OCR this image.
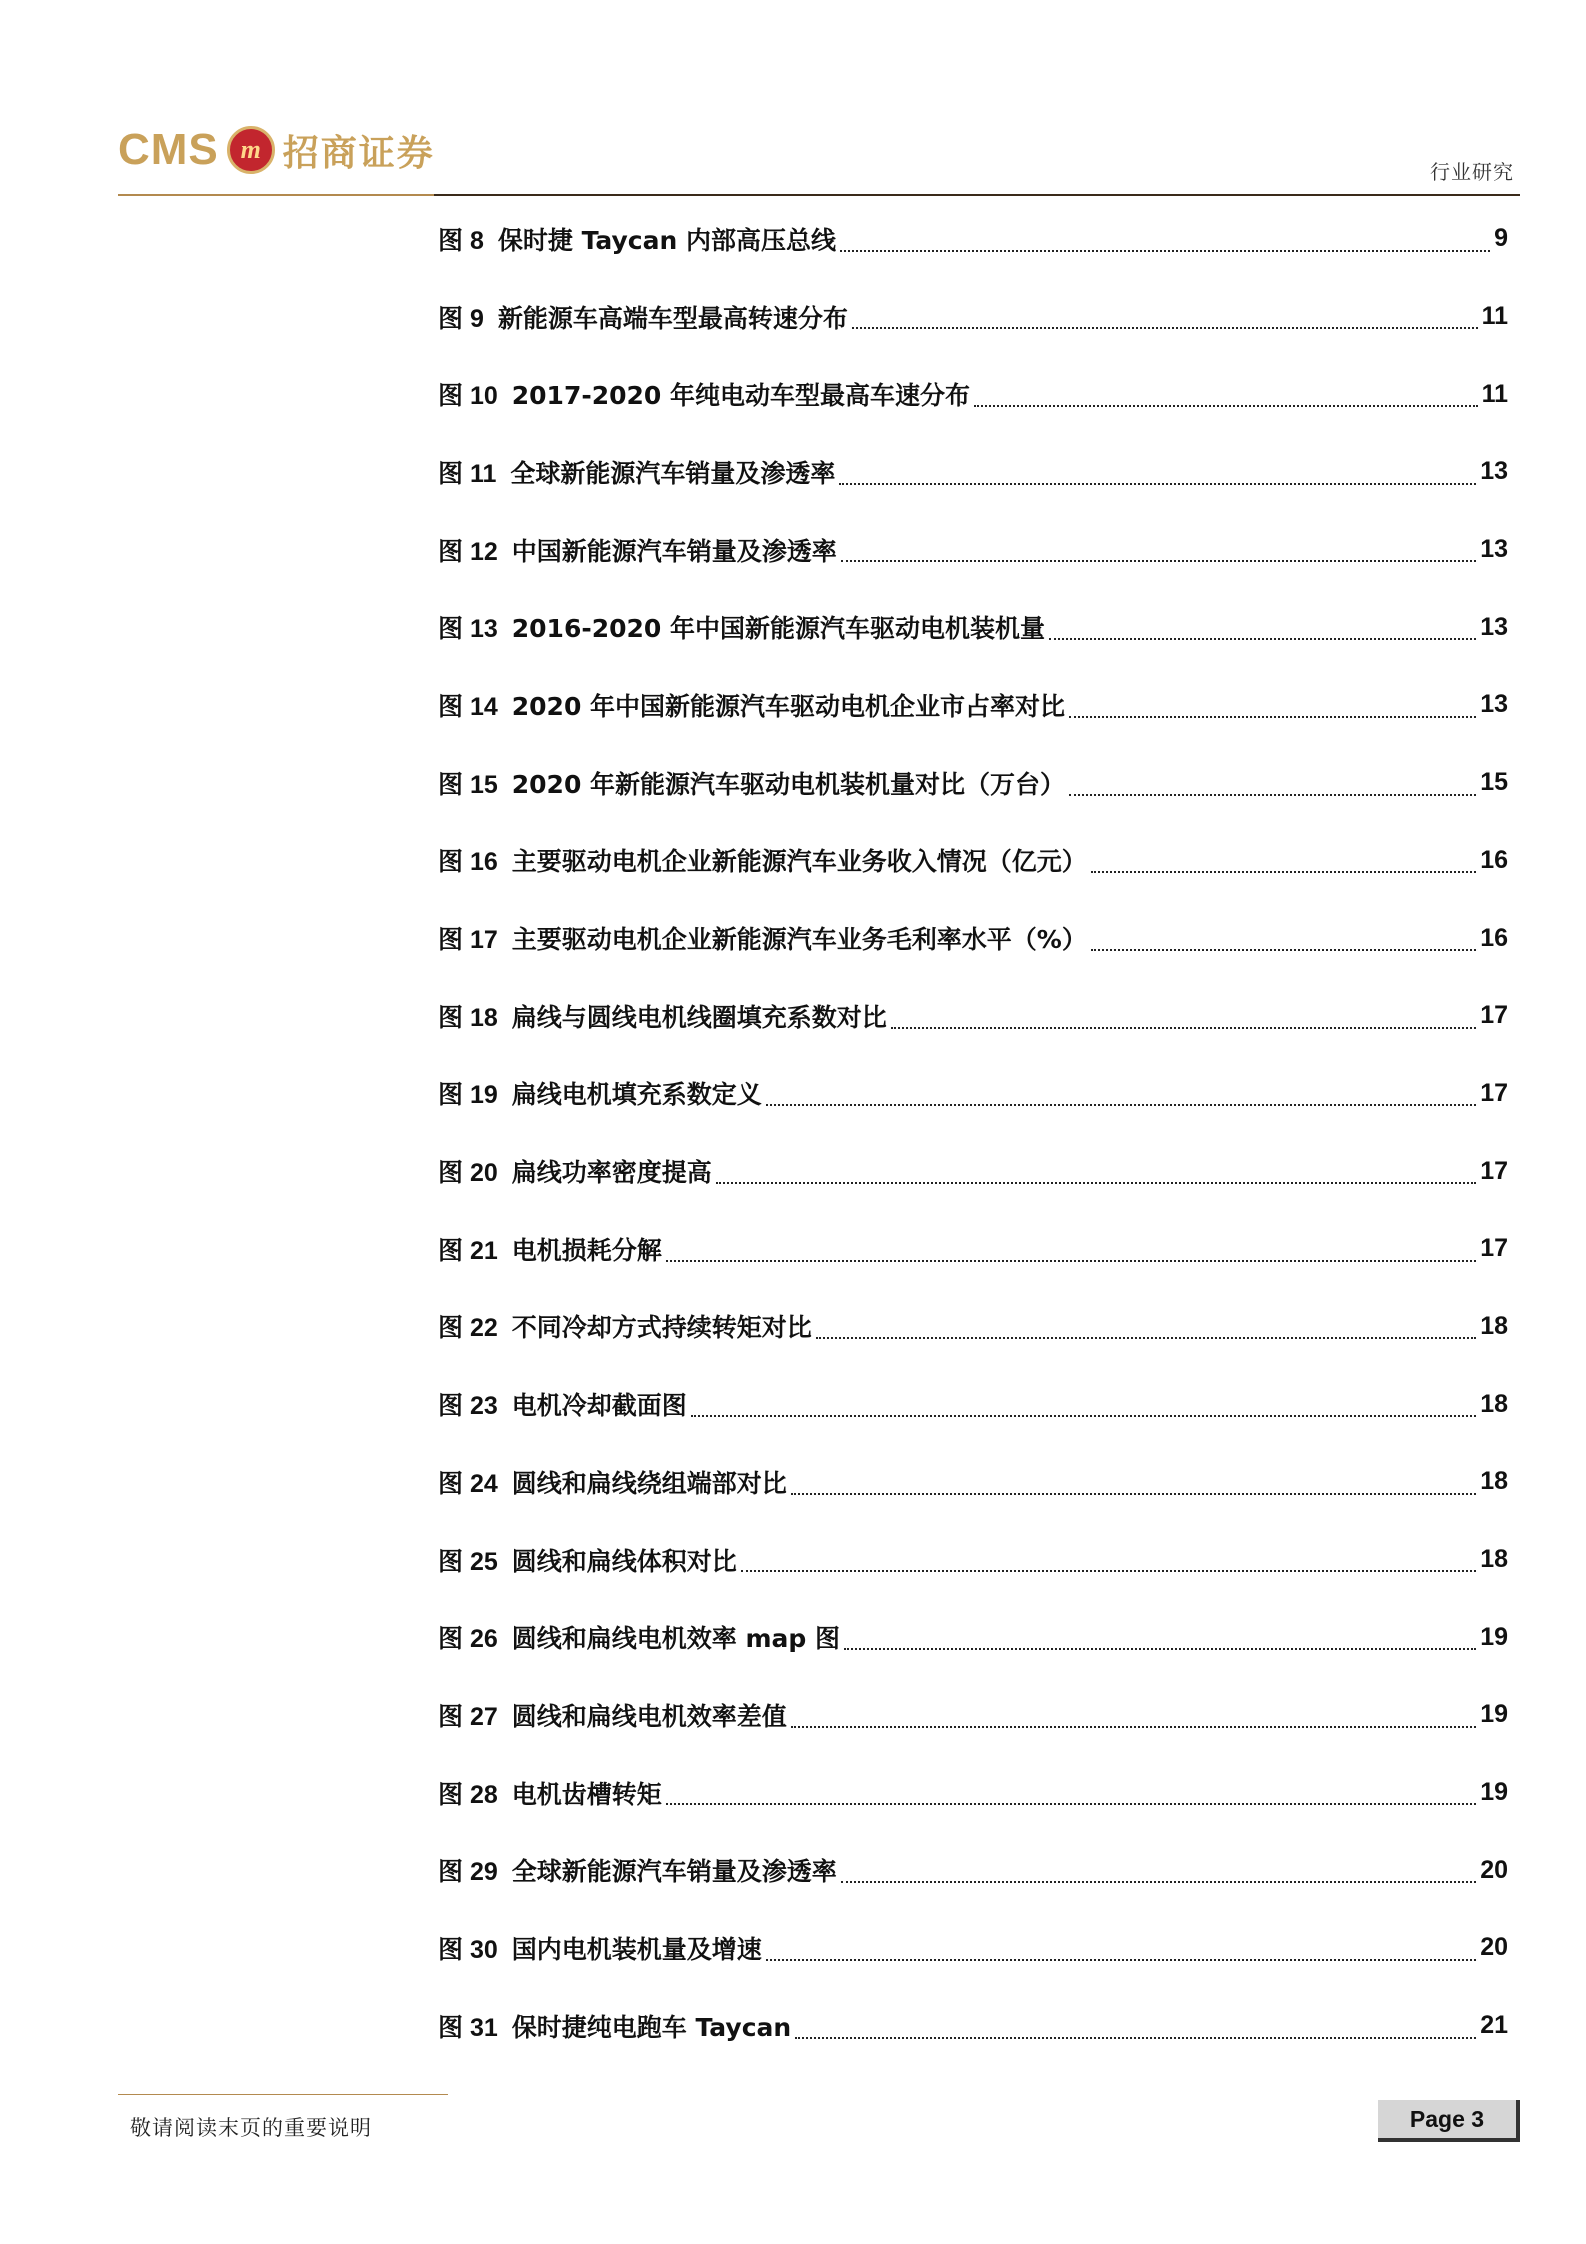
CMS m 招商证券	行业研究
图 8 保时捷 Taycan 内部高压总线	9
图 9 新能源车高端车型最高转速分布	11
图 10 2017-2020 年纯电动车型最高车速分布	11
图 11 全球新能源汽车销量及渗透率	13
图 12 中国新能源汽车销量及渗透率	13
图 13 2016-2020 年中国新能源汽车驱动电机装机量	13
图 14 2020 年中国新能源汽车驱动电机企业市占率对比	13
图 15 2020 年新能源汽车驱动电机装机量对比（万台）	15
图 16 主要驱动电机企业新能源汽车业务收入情况（亿元）	16
图 17 主要驱动电机企业新能源汽车业务毛利率水平（%）	16
图 18 扁线与圆线电机线圈填充系数对比	17
图 19 扁线电机填充系数定义	17
图 20 扁线功率密度提高	17
图 21 电机损耗分解	17
图 22 不同冷却方式持续转矩对比	18
图 23 电机冷却截面图	18
图 24 圆线和扁线绕组端部对比	18
图 25 圆线和扁线体积对比	18
图 26 圆线和扁线电机效率 map 图	19
图 27 圆线和扁线电机效率差值	19
图 28 电机齿槽转矩	19
图 29 全球新能源汽车销量及渗透率	20
图 30 国内电机装机量及增速	20
图 31 保时捷纯电跑车 Taycan	21
敬请阅读末页的重要说明	Page 3
